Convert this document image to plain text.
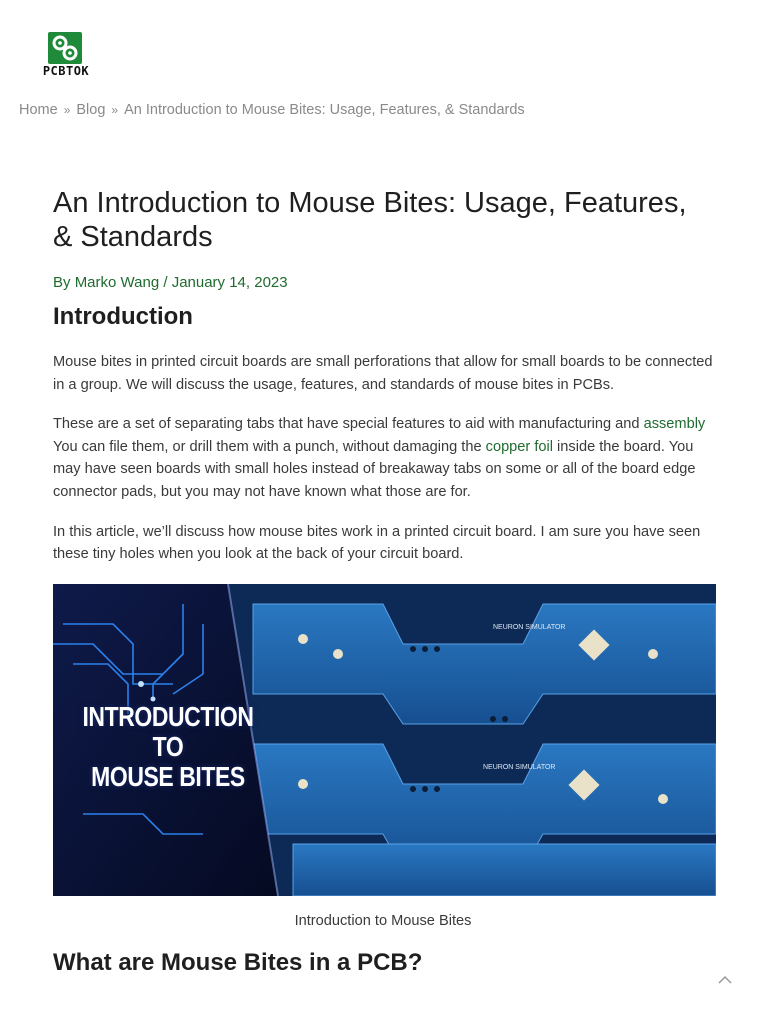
PCBTOK
Home » Blog » An Introduction to Mouse Bites: Usage, Features, & Standards
An Introduction to Mouse Bites: Usage, Features, & Standards
By Marko Wang / January 14, 2023
Introduction

Mouse bites in printed circuit boards are small perforations that allow for small boards to be connected in a group. We will discuss the usage, features, and standards of mouse bites in PCBs.

These are a set of separating tabs that have special features to aid with manufacturing and assembly You can file them, or drill them with a punch, without damaging the copper foil inside the board. You may have seen boards with small holes instead of breakaway tabs on some or all of the board edge connector pads, but you may not have known what those are for.

In this article, we’ll discuss how mouse bites work in a printed circuit board. I am sure you have seen these tiny holes when you look at the back of your circuit board.

NEURON SIMULATOR
NEURON SIMULATOR
INTRODUCTION TO
MOUSE BITES
Introduction to Mouse Bites
What are Mouse Bites in a PCB?
